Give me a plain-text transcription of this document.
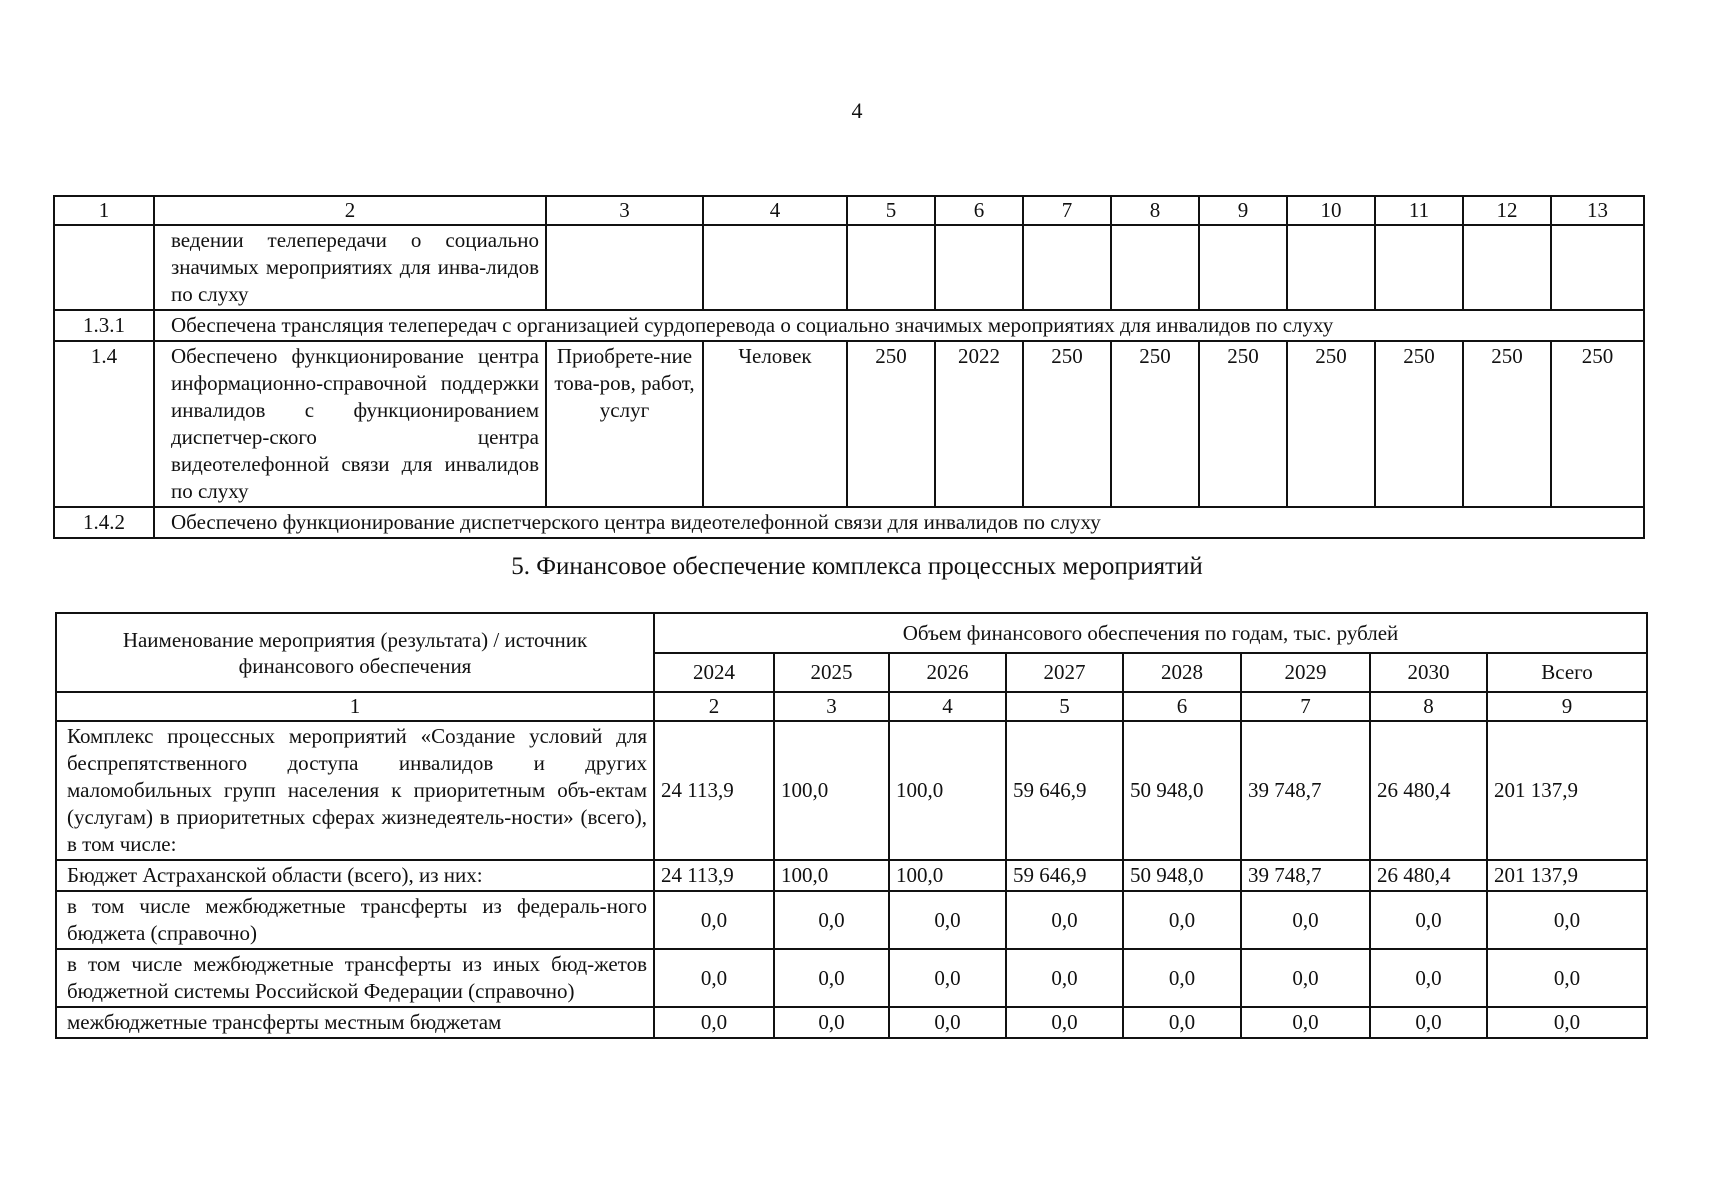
4
1	2	3	4	5	6	7	8	9	10	11	12	13
	ведении телепередачи о социально значимых мероприятиях для инва-лидов по слуху											
1.3.1	Обеспечена трансляция телепередач с организацией сурдоперевода о социально значимых мероприятиях для инвалидов по слуху											
1.4	Обеспечено функционирование центра информационно-справочной поддержки инвалидов с функционированием диспетчер-ского центра видеотелефонной связи для инвалидов по слуху	Приобрете-ние това-ров, работ, услуг	Человек	250	2022	250	250	250	250	250	250	250
1.4.2	Обеспечено функционирование диспетчерского центра видеотелефонной связи для инвалидов по слуху											
5. Финансовое обеспечение комплекса процессных мероприятий
Наименование мероприятия (результата) / источник финансового обеспечения	Объем финансового обеспечения по годам, тыс. рублей							
	2024	2025	2026	2027	2028	2029	2030	Всего
1	2	3	4	5	6	7	8	9
Комплекс процессных мероприятий «Создание условий для беспрепятственного доступа инвалидов и других маломобильных групп населения к приоритетным объ-ектам (услугам) в приоритетных сферах жизнедеятель-ности» (всего), в том числе:	24 113,9	100,0	100,0	59 646,9	50 948,0	39 748,7	26 480,4	201 137,9
Бюджет Астраханской области (всего), из них:	24 113,9	100,0	100,0	59 646,9	50 948,0	39 748,7	26 480,4	201 137,9
в том числе межбюджетные трансферты из федераль-ного бюджета (справочно)	0,0	0,0	0,0	0,0	0,0	0,0	0,0	0,0
в том числе межбюджетные трансферты из иных бюд-жетов бюджетной системы Российской Федерации (справочно)	0,0	0,0	0,0	0,0	0,0	0,0	0,0	0,0
межбюджетные трансферты местным бюджетам	0,0	0,0	0,0	0,0	0,0	0,0	0,0	0,0
